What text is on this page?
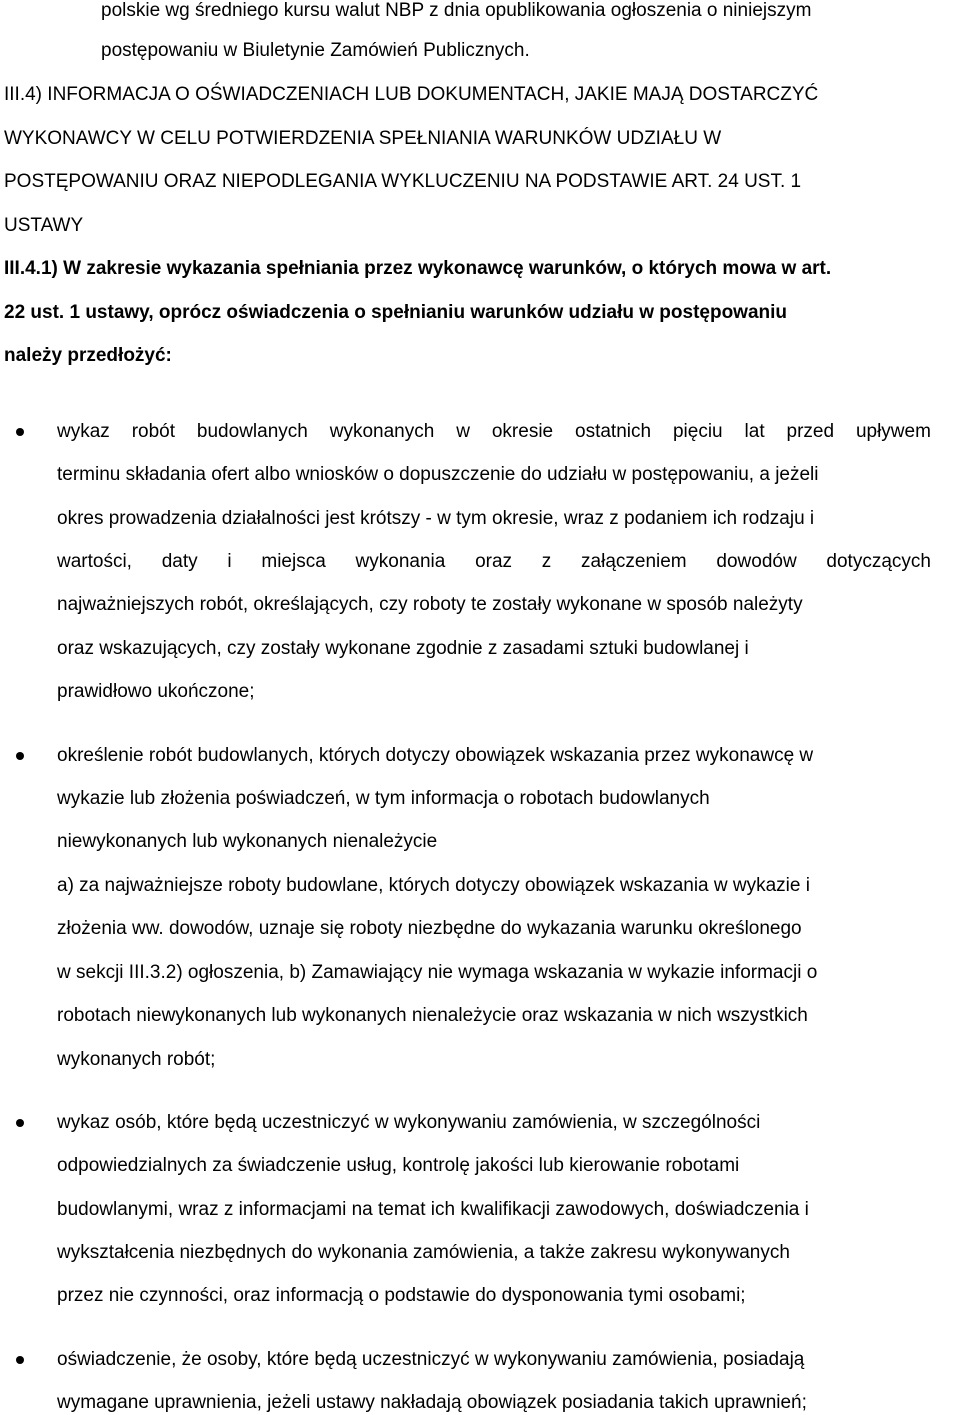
polskie wg średniego kursu walut NBP z dnia opublikowania ogłoszenia o niniejszym
postępowaniu w Biuletynie Zamówień Publicznych.
III.4) INFORMACJA O OŚWIADCZENIACH LUB DOKUMENTACH, JAKIE MAJĄ DOSTARCZYĆ
WYKONAWCY W CELU POTWIERDZENIA SPEŁNIANIA WARUNKÓW UDZIAŁU W
POSTĘPOWANIU ORAZ NIEPODLEGANIA WYKLUCZENIU NA PODSTAWIE ART. 24 UST. 1
USTAWY
III.4.1) W zakresie wykazania spełniania przez wykonawcę warunków, o których mowa w art.
22 ust. 1 ustawy, oprócz oświadczenia o spełnianiu warunków udziału w postępowaniu
należy przedłożyć:
wykaz robót budowlanych wykonanych w okresie ostatnich pięciu lat przed upływem
terminu składania ofert albo wniosków o dopuszczenie do udziału w postępowaniu, a jeżeli
okres prowadzenia działalności jest krótszy - w tym okresie, wraz z podaniem ich rodzaju i
wartości, daty i miejsca wykonania oraz z załączeniem dowodów dotyczących
najważniejszych robót, określających, czy roboty te zostały wykonane w sposób należyty
oraz wskazujących, czy zostały wykonane zgodnie z zasadami sztuki budowlanej i
prawidłowo ukończone;
określenie robót budowlanych, których dotyczy obowiązek wskazania przez wykonawcę w
wykazie lub złożenia poświadczeń, w tym informacja o robotach budowlanych
niewykonanych lub wykonanych nienależycie
a) za najważniejsze roboty budowlane, których dotyczy obowiązek wskazania w wykazie i
złożenia ww. dowodów, uznaje się roboty niezbędne do wykazania warunku określonego
w sekcji III.3.2) ogłoszenia, b) Zamawiający nie wymaga wskazania w wykazie informacji o
robotach niewykonanych lub wykonanych nienależycie oraz wskazania w nich wszystkich
wykonanych robót;
wykaz osób, które będą uczestniczyć w wykonywaniu zamówienia, w szczególności
odpowiedzialnych za świadczenie usług, kontrolę jakości lub kierowanie robotami
budowlanymi, wraz z informacjami na temat ich kwalifikacji zawodowych, doświadczenia i
wykształcenia niezbędnych do wykonania zamówienia, a także zakresu wykonywanych
przez nie czynności, oraz informacją o podstawie do dysponowania tymi osobami;
oświadczenie, że osoby, które będą uczestniczyć w wykonywaniu zamówienia, posiadają
wymagane uprawnienia, jeżeli ustawy nakładają obowiązek posiadania takich uprawnień;
